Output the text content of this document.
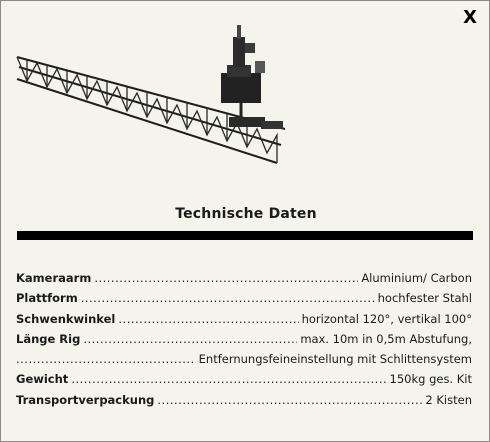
X
Technische Daten
Kameraarm .....	Aluminium/ Carbon
Plattform .....	hochfester Stahl
Schwenkwinkel .....	horizontal 120°, vertikal 100°
Länge Rig .....	max. 10m in 0,5m Abstufung,
.....
Entfernungsfeineinstellung mit Schlittensystem
Gewicht .....	150kg ges. Kit
Transportverpackung .....	2 Kisten
